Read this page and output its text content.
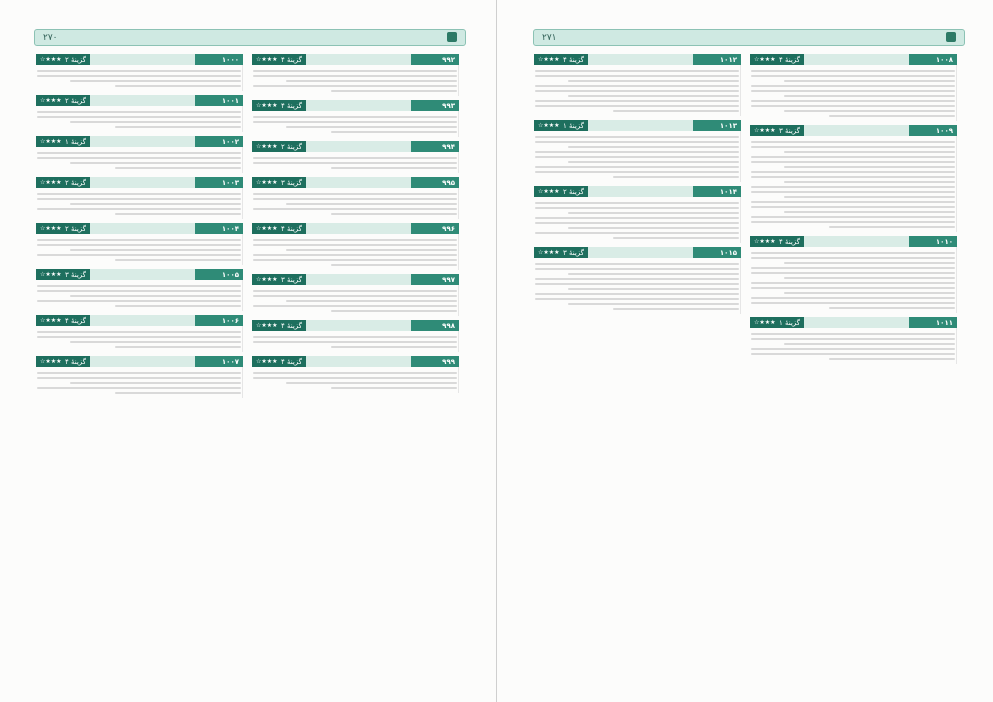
۲۷۰
۹۹۲
گزینهٔ ۴
★★★☆
۹۹۳
گزینهٔ ۴
★★★☆
۹۹۴
گزینهٔ ۲
★★★☆
۹۹۵
گزینهٔ ۳
★★★☆
۹۹۶
گزینهٔ ۴
★★★☆
۹۹۷
گزینهٔ ۳
★★★☆
۹۹۸
گزینهٔ ۴
★★★☆
۹۹۹
گزینهٔ ۴
★★★☆
۱۰۰۰
گزینهٔ ۲
★★★☆
۱۰۰۱
گزینهٔ ۲
★★★☆
۱۰۰۲
گزینهٔ ۱
★★★☆
۱۰۰۳
گزینهٔ ۲
★★★☆
۱۰۰۴
گزینهٔ ۲
★★★☆
۱۰۰۵
گزینهٔ ۳
★★★☆
۱۰۰۶
گزینهٔ ۴
★★★☆
۱۰۰۷
گزینهٔ ۴
★★★☆
۲۷۱
۱۰۰۸
گزینهٔ ۴
★★★☆
۱۰۰۹
گزینهٔ ۳
★★★☆
۱۰۱۰
گزینهٔ ۴
★★★☆
۱۰۱۱
گزینهٔ ۱
★★★☆
۱۰۱۲
گزینهٔ ۴
★★★☆
۱۰۱۳
گزینهٔ ۱
★★★☆
۱۰۱۴
گزینهٔ ۲
★★★☆
۱۰۱۵
گزینهٔ ۳
★★★☆
